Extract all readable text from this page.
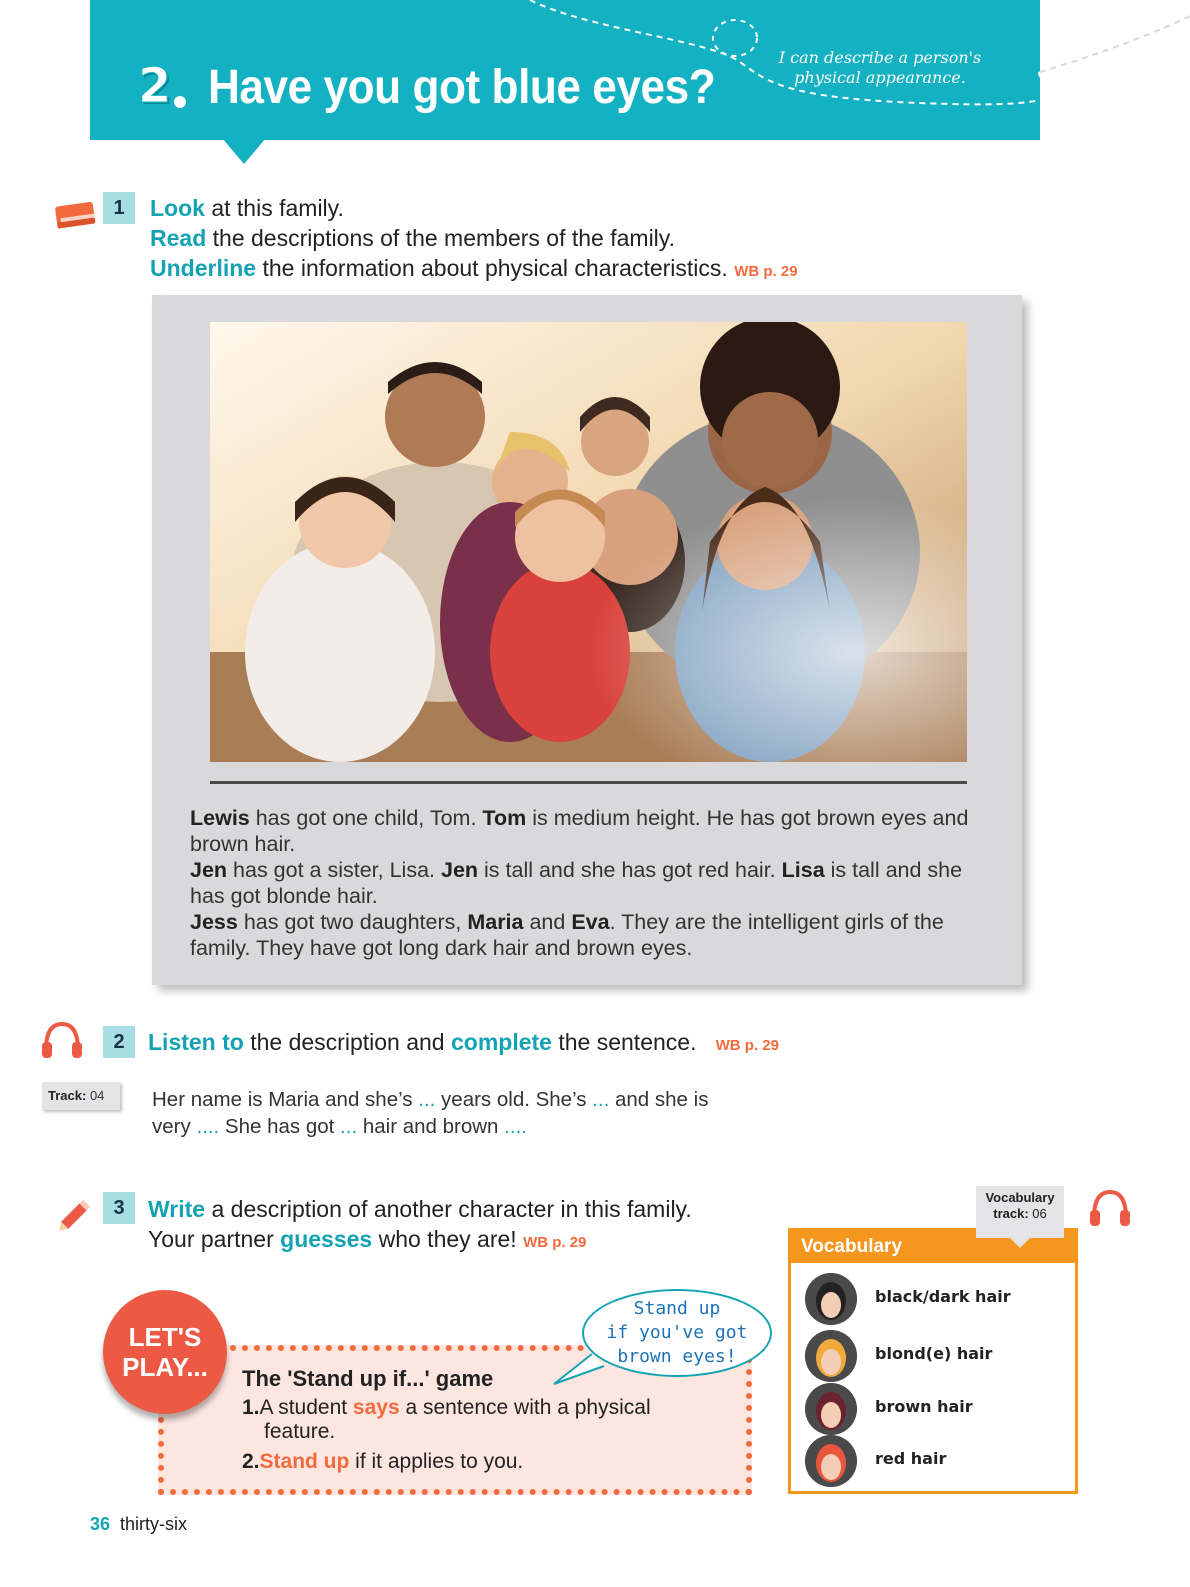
2 Have you got blue eyes?
I can describe a person's physical appearance.
1	Look at this family.
Read the descriptions of the members of the family.
Underline the information about physical characteristics. WB p. 29
Lewis has got one child, Tom. Tom is medium height. He has got brown eyes and brown hair.
Jen has got a sister, Lisa. Jen is tall and she has got red hair. Lisa is tall and she has got blonde hair.
Jess has got two daughters, Maria and Eva. They are the intelligent girls of the family. They have got long dark hair and brown eyes.
2	Listen to the description and complete the sentence. WB p. 29
Track: 04	Her name is Maria and she’s ... years old. She’s ... and she is very .... She has got ... hair and brown ....
3	Write a description of another character in this family.
Your partner guesses who they are! WB p. 29
LET'S
PLAY...	The 'Stand up if...' game
1.A student says a sentence with a physical
feature.
2.Stand up if it applies to you.
Stand up
if you've got
brown eyes!
Vocabulary
black/dark hair
blond(e) hair
brown hair
red hair
Vocabulary
track: 06
36 thirty-six
